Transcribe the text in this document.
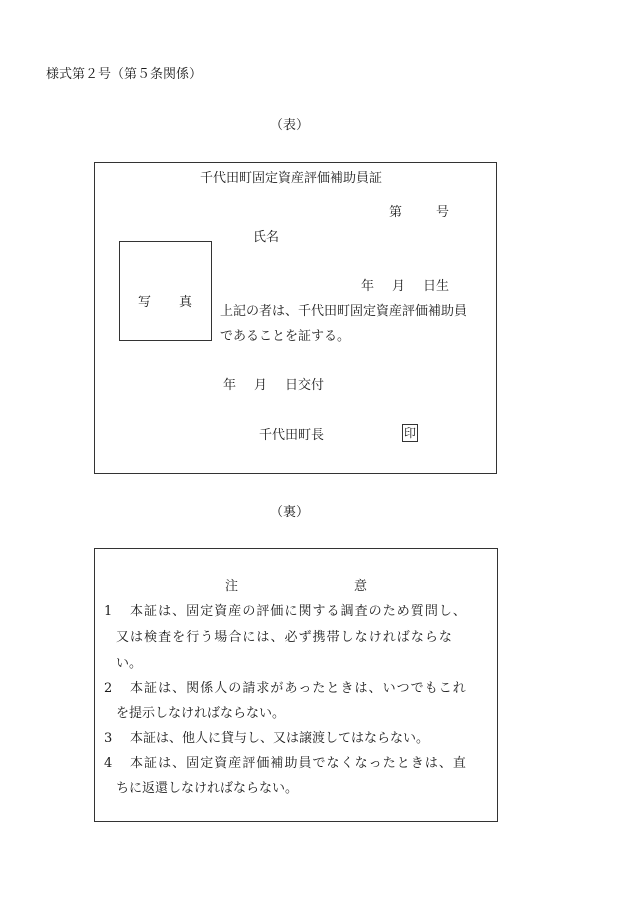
様式第２号（第５条関係）
（表）
千代田町固定資産評価補助員証
第	号
氏名
写 真
年 月 日生
上記の者は、千代田町固定資産評価補助員
であることを証する。
年 月 日交付
千代田町長	印
（裏）
注	意
1 本証は、固定資産の評価に関する調査のため質問し、
又は検査を行う場合には、必ず携帯しなければならな
い。
2 本証は、関係人の請求があったときは、いつでもこれ
を提示しなければならない。
3 本証は、他人に貸与し、又は譲渡してはならない。
4 本証は、固定資産評価補助員でなくなったときは、直
ちに返還しなければならない。
